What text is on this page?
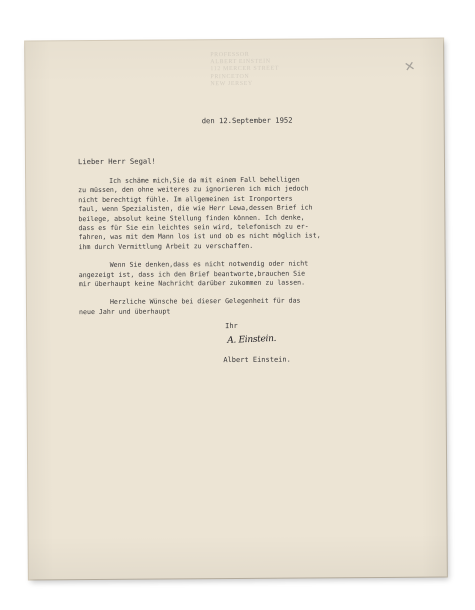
PROFESSOR
ALBERT EINSTEIN
112 MERCER STREET
PRINCETON
NEW JERSEY
✕
den 12.September 1952
Lieber Herr Segal!
Ich schäme mich,Sie da mit einem Fall behelligen
zu müssen, den ohne weiteres zu ignorieren ich mich jedoch
nicht berechtigt fühle. Im allgemeinen ist Ironporters
faul, wenn Spezialisten, die wie Herr Lewa,dessen Brief ich
beilege, absolut keine Stellung finden können. Ich denke,
dass es für Sie ein leichtes sein wird, telefonisch zu er-
fahren, was mit dem Mann los ist und ob es nicht möglich ist,
ihm durch Vermittlung Arbeit zu verschaffen.
Wenn Sie denken,dass es nicht notwendig oder nicht
angezeigt ist, dass ich den Brief beantworte,brauchen Sie
mir überhaupt keine Nachricht darüber zukommen zu lassen.
Herzliche Wünsche bei dieser Gelegenheit für das
neue Jahr und überhaupt
Ihr
A. Einstein.
Albert Einstein.
